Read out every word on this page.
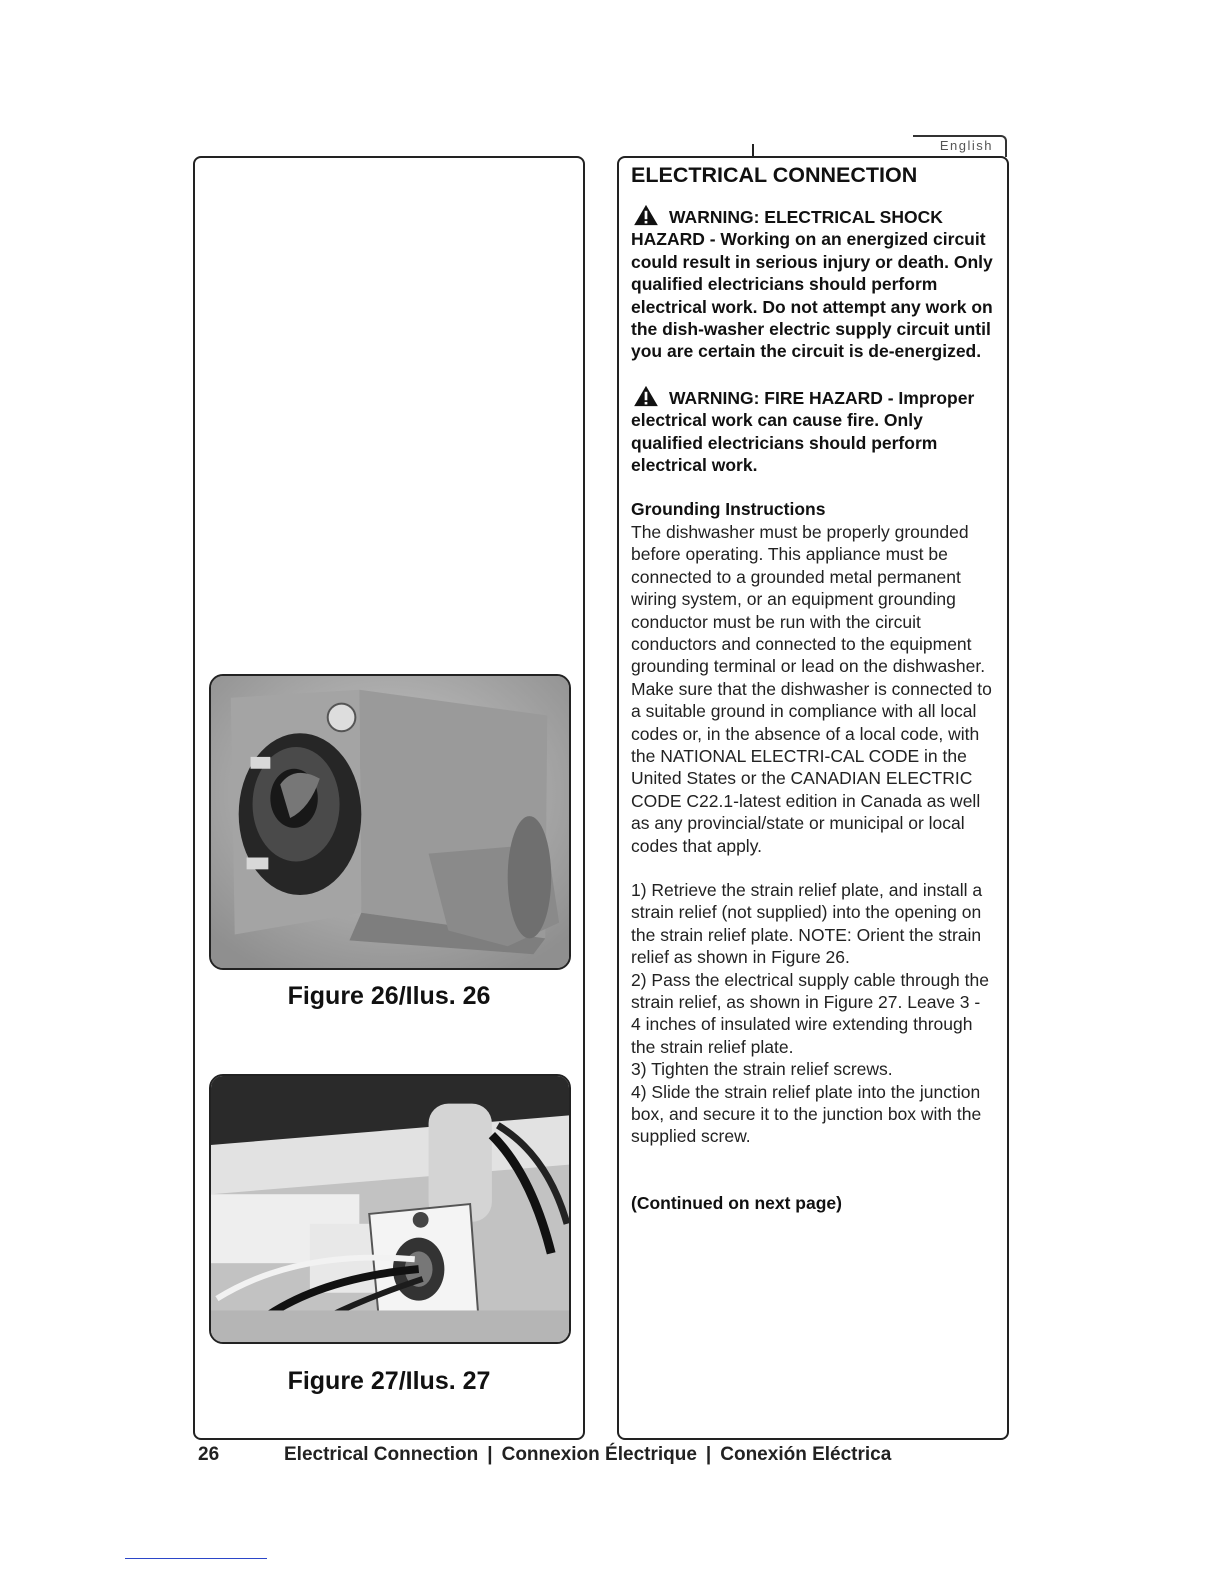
English
Figure 26/Ilus. 26
Figure 27/Ilus. 27
ELECTRICAL CONNECTION
WARNING: ELECTRICAL SHOCK HAZARD - Working on an energized circuit could result in serious injury or death. Only qualified electricians should perform electrical work. Do not attempt any work on the dish-washer electric supply circuit until you are certain the circuit is de-energized.
WARNING: FIRE HAZARD - Improper electrical work can cause fire. Only qualified electricians should perform electrical work.

Grounding Instructions

The dishwasher must be properly grounded before operating. This appliance must be connected to a grounded metal permanent wiring system, or an equipment grounding conductor must be run with the circuit conductors and connected to the equipment grounding terminal or lead on the dishwasher. Make sure that the dishwasher is connected to a suitable ground in compliance with all local codes or, in the absence of a local code, with the NATIONAL ELECTRI-CAL CODE in the United States or the CANADIAN ELECTRIC CODE C22.1-latest edition in Canada as well as any provincial/state or municipal or local codes that apply.

1) Retrieve the strain relief plate, and install a strain relief (not supplied) into the opening on the strain relief plate. NOTE: Orient the strain relief as shown in Figure 26.

2) Pass the electrical supply cable through the strain relief, as shown in Figure 27. Leave 3 - 4 inches of insulated wire extending through the strain relief plate.

3) Tighten the strain relief screws.

4) Slide the strain relief plate into the junction box, and secure it to the junction box with the supplied screw.

(Continued on next page)

26	Electrical Connection | Connexion Électrique | Conexión Eléctrica
